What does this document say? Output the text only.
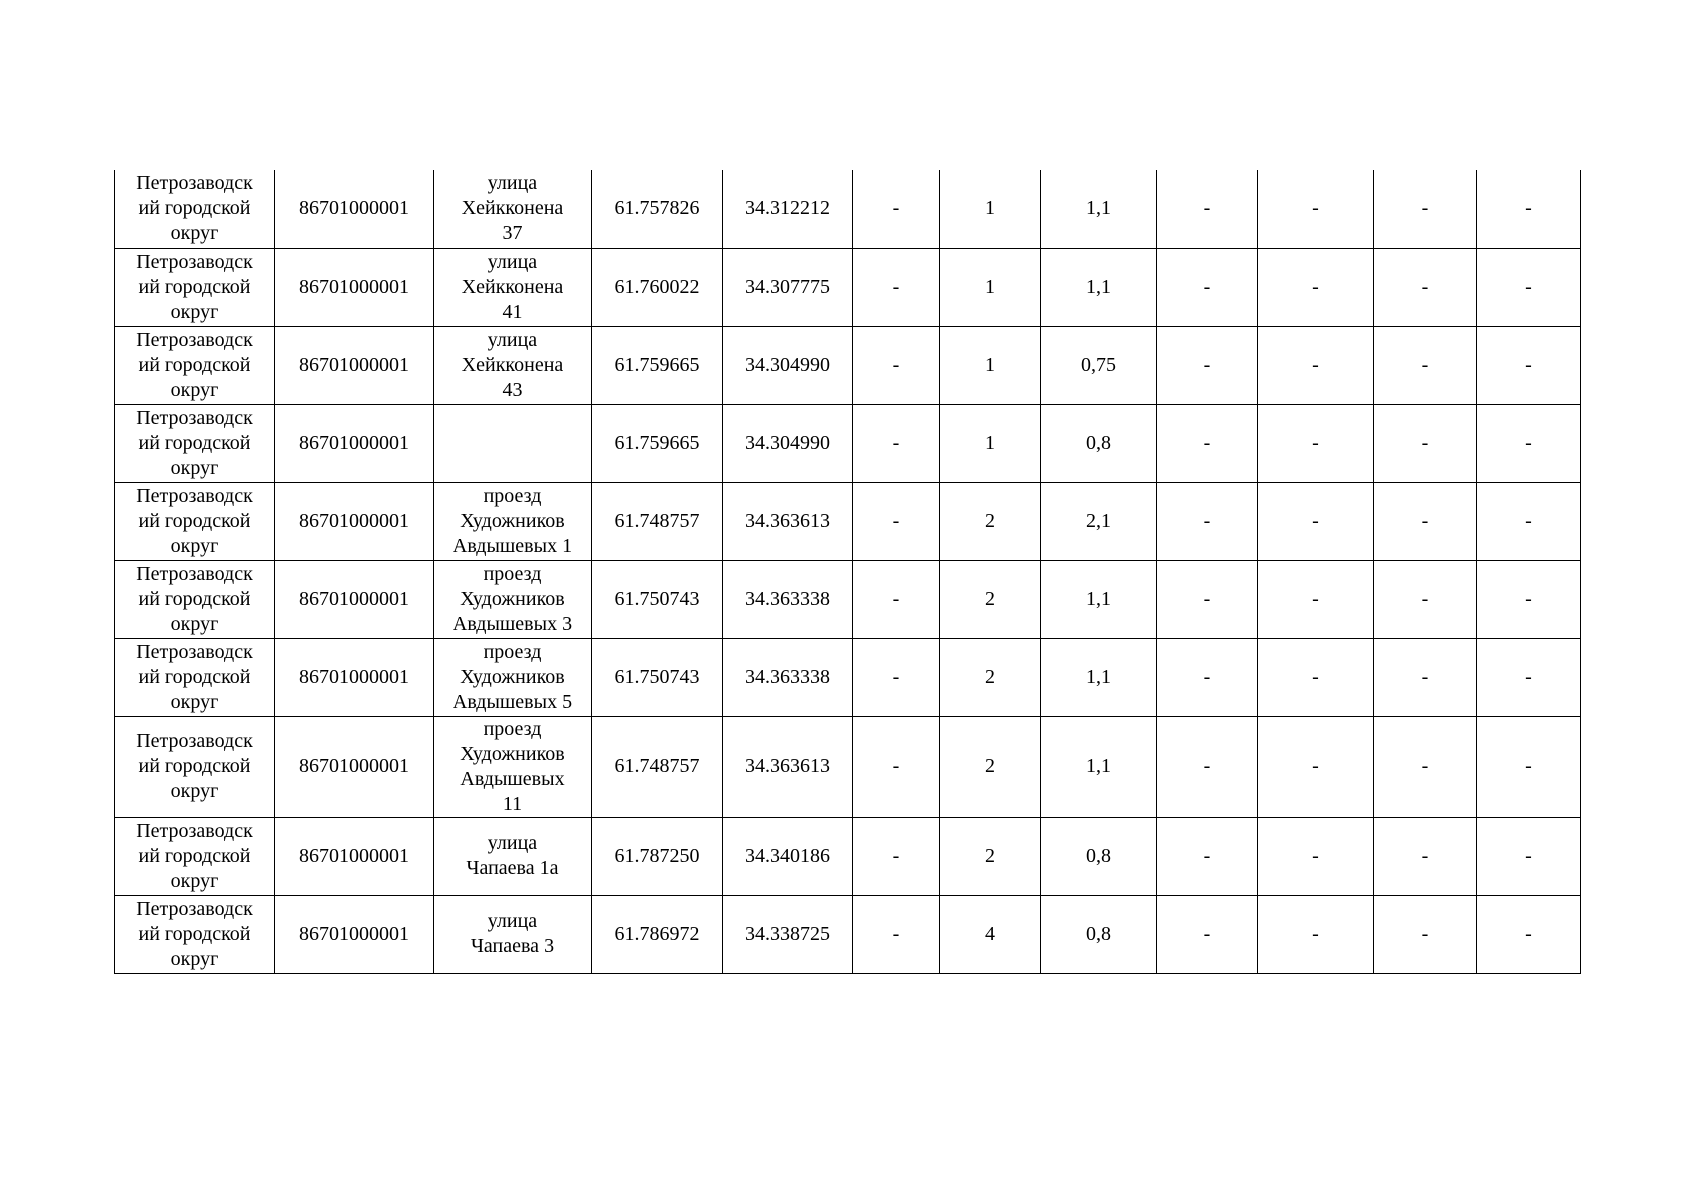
Петрозаводск
ий городской
округ	86701000001	улица
Хейкконена
37	61.757826	34.312212	-	1	1,1	-	-	-	-
Петрозаводск
ий городской
округ	86701000001	улица
Хейкконена
41	61.760022	34.307775	-	1	1,1	-	-	-	-
Петрозаводск
ий городской
округ	86701000001	улица
Хейкконена
43	61.759665	34.304990	-	1	0,75	-	-	-	-
Петрозаводск
ий городской
округ	86701000001		61.759665	34.304990	-	1	0,8	-	-	-	-
Петрозаводск
ий городской
округ	86701000001	проезд
Художников
Авдышевых 1	61.748757	34.363613	-	2	2,1	-	-	-	-
Петрозаводск
ий городской
округ	86701000001	проезд
Художников
Авдышевых 3	61.750743	34.363338	-	2	1,1	-	-	-	-
Петрозаводск
ий городской
округ	86701000001	проезд
Художников
Авдышевых 5	61.750743	34.363338	-	2	1,1	-	-	-	-
Петрозаводск
ий городской
округ	86701000001	проезд
Художников
Авдышевых
11	61.748757	34.363613	-	2	1,1	-	-	-	-
Петрозаводск
ий городской
округ	86701000001	улица
Чапаева 1а	61.787250	34.340186	-	2	0,8	-	-	-	-
Петрозаводск
ий городской
округ	86701000001	улица
Чапаева 3	61.786972	34.338725	-	4	0,8	-	-	-	-
